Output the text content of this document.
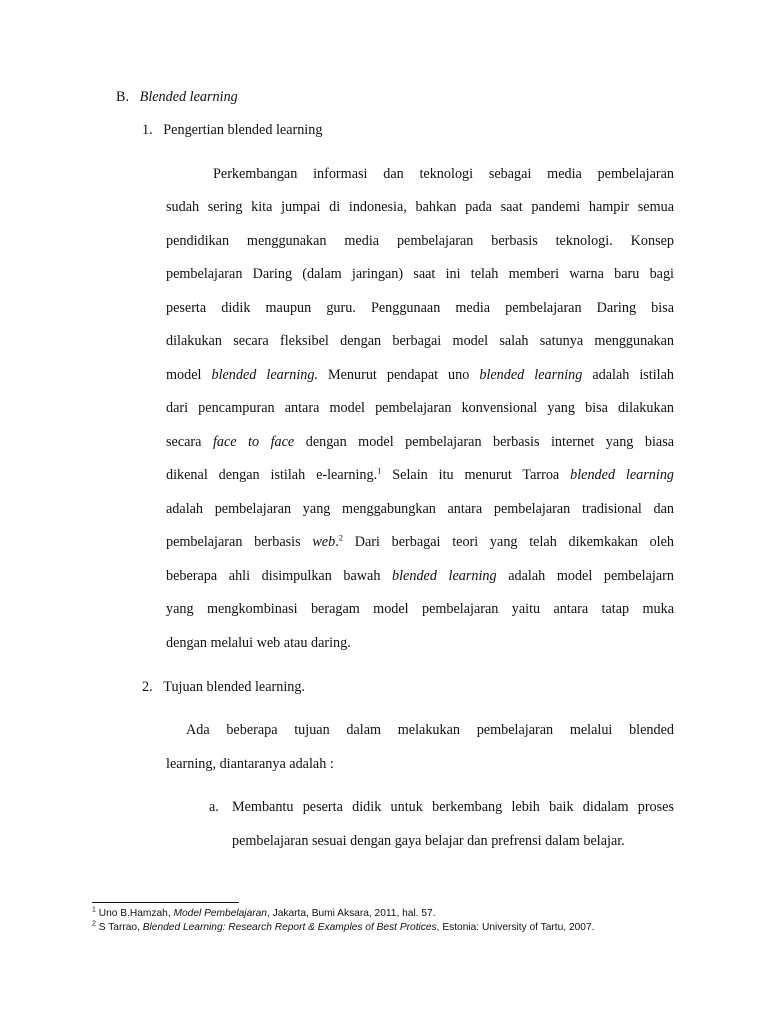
B. Blended learning
1. Pengertian blended learning
Perkembangan informasi dan teknologi sebagai media pembelajaran
sudah sering kita jumpai di indonesia, bahkan pada saat pandemi hampir semua
pendidikan menggunakan media pembelajaran berbasis teknologi. Konsep
pembelajaran Daring (dalam jaringan) saat ini telah memberi warna baru bagi
peserta didik maupun guru. Penggunaan media pembelajaran Daring bisa
dilakukan secara fleksibel dengan berbagai model salah satunya menggunakan
model blended learning. Menurut pendapat uno blended learning adalah istilah
dari pencampuran antara model pembelajaran konvensional yang bisa dilakukan
secara face to face dengan model pembelajaran berbasis internet yang biasa
dikenal dengan istilah e-learning.$^1$ Selain itu menurut Tarroa blended learning
adalah pembelajaran yang menggabungkan antara pembelajaran tradisional dan
pembelajaran berbasis web.$^2$ Dari berbagai teori yang telah dikemkakan oleh
beberapa ahli disimpulkan bawah blended learning adalah model pembelajarn
yang mengkombinasi beragam model pembelajaran yaitu antara tatap muka
dengan melalui web atau daring.
2. Tujuan blended learning.
Ada beberapa tujuan dalam melakukan pembelajaran melalui blended
learning, diantaranya adalah :
a. Membantu peserta didik untuk berkembang lebih baik didalam proses
pembelajaran sesuai dengan gaya belajar dan prefrensi dalam belajar.
$^1$ Uno B.Hamzah, Model Pembelajaran, Jakarta, Bumi Aksara, 2011, hal. 57.
$^2$ S Tarrao, Blended Learning: Research Report & Examples of Best Protices, Estonia: University of Tartu, 2007.
